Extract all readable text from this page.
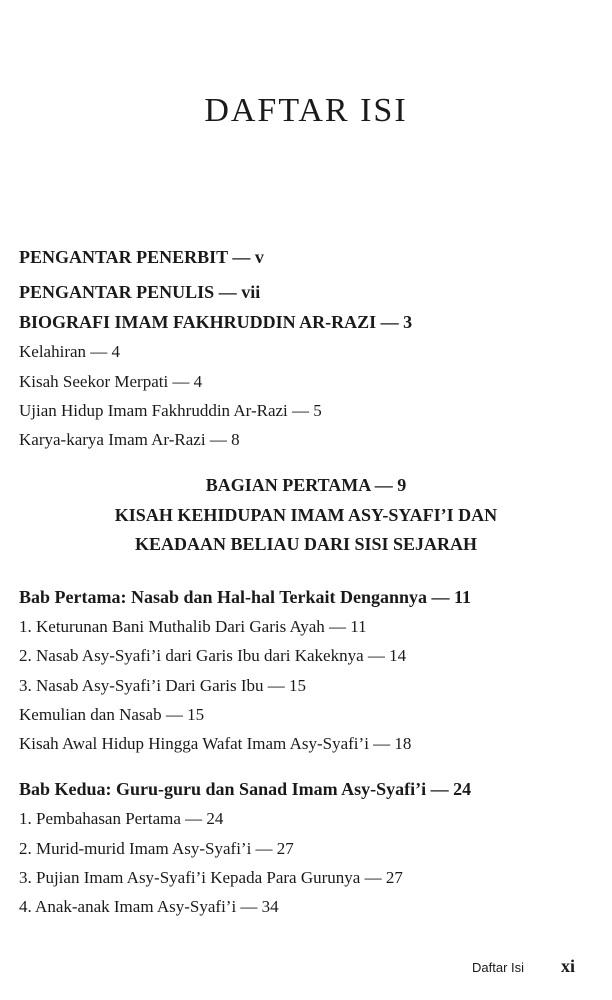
DAFTAR ISI
PENGANTAR PENERBIT — v
PENGANTAR PENULIS — vii
BIOGRAFI IMAM FAKHRUDDIN AR-RAZI — 3
Kelahiran — 4
Kisah Seekor Merpati — 4
Ujian Hidup Imam Fakhruddin Ar-Razi — 5
Karya-karya Imam Ar-Razi — 8
BAGIAN PERTAMA — 9
KISAH KEHIDUPAN IMAM ASY-SYAFI’I DAN
KEADAAN BELIAU DARI SISI SEJARAH
Bab Pertama: Nasab dan Hal-hal Terkait Dengannya — 11
1. Keturunan Bani Muthalib Dari Garis Ayah — 11
2. Nasab Asy-Syafi’i dari Garis Ibu dari Kakeknya — 14
3. Nasab Asy-Syafi’i Dari Garis Ibu — 15
Kemulian dan Nasab — 15
Kisah Awal Hidup Hingga Wafat Imam Asy-Syafi’i — 18
Bab Kedua: Guru-guru dan Sanad Imam Asy-Syafi’i — 24
1. Pembahasan Pertama — 24
2. Murid-murid Imam Asy-Syafi’i — 27
3. Pujian Imam Asy-Syafi’i Kepada Para Gurunya — 27
4. Anak-anak Imam Asy-Syafi’i — 34
Daftar Isi xi
